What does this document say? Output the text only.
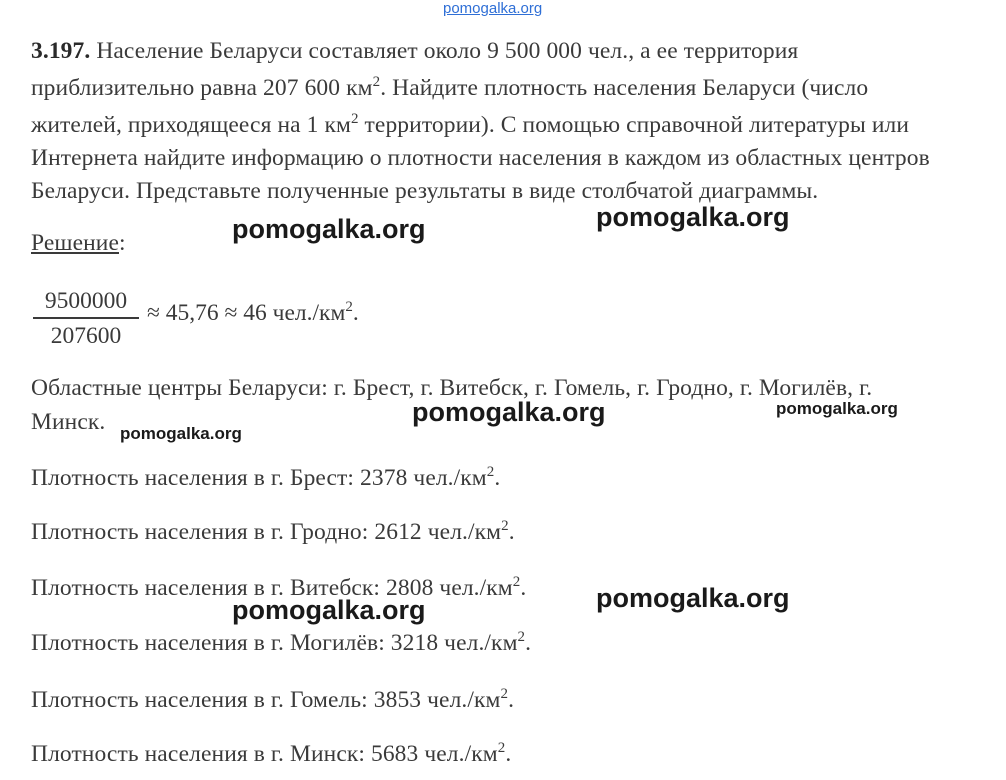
pomogalka.org
3.197. Население Беларуси составляет около 9 500 000 чел., а ее территория
приблизительно равна 207 600 $км^2$. Найдите плотность населения Беларуси (число
жителей, приходящееся на 1 $км^2$ территории). С помощью справочной литературы или
Интернета найдите информацию о плотности населения в каждом из областных центров
Беларуси. Представьте полученные результаты в виде столбчатой диаграммы.
Решение:
9500000
207600
≈ 45,76 ≈ 46 $чел./км^2$.
Областные центры Беларуси: г. Брест, г. Витебск, г. Гомель, г. Гродно, г. Могилёв, г.
Минск.
Плотность населения в г. Брест: 2378 $чел./км^2$.
Плотность населения в г. Гродно: 2612 $чел./км^2$.
Плотность населения в г. Витебск: 2808 $чел./км^2$.
Плотность населения в г. Могилёв: 3218 $чел./км^2$.
Плотность населения в г. Гомель: 3853 $чел./км^2$.
Плотность населения в г. Минск: 5683 $чел./км^2$.
pomogalka.org	pomogalka.org
pomogalka.org	pomogalka.org
pomogalka.org
pomogalka.org	pomogalka.org
